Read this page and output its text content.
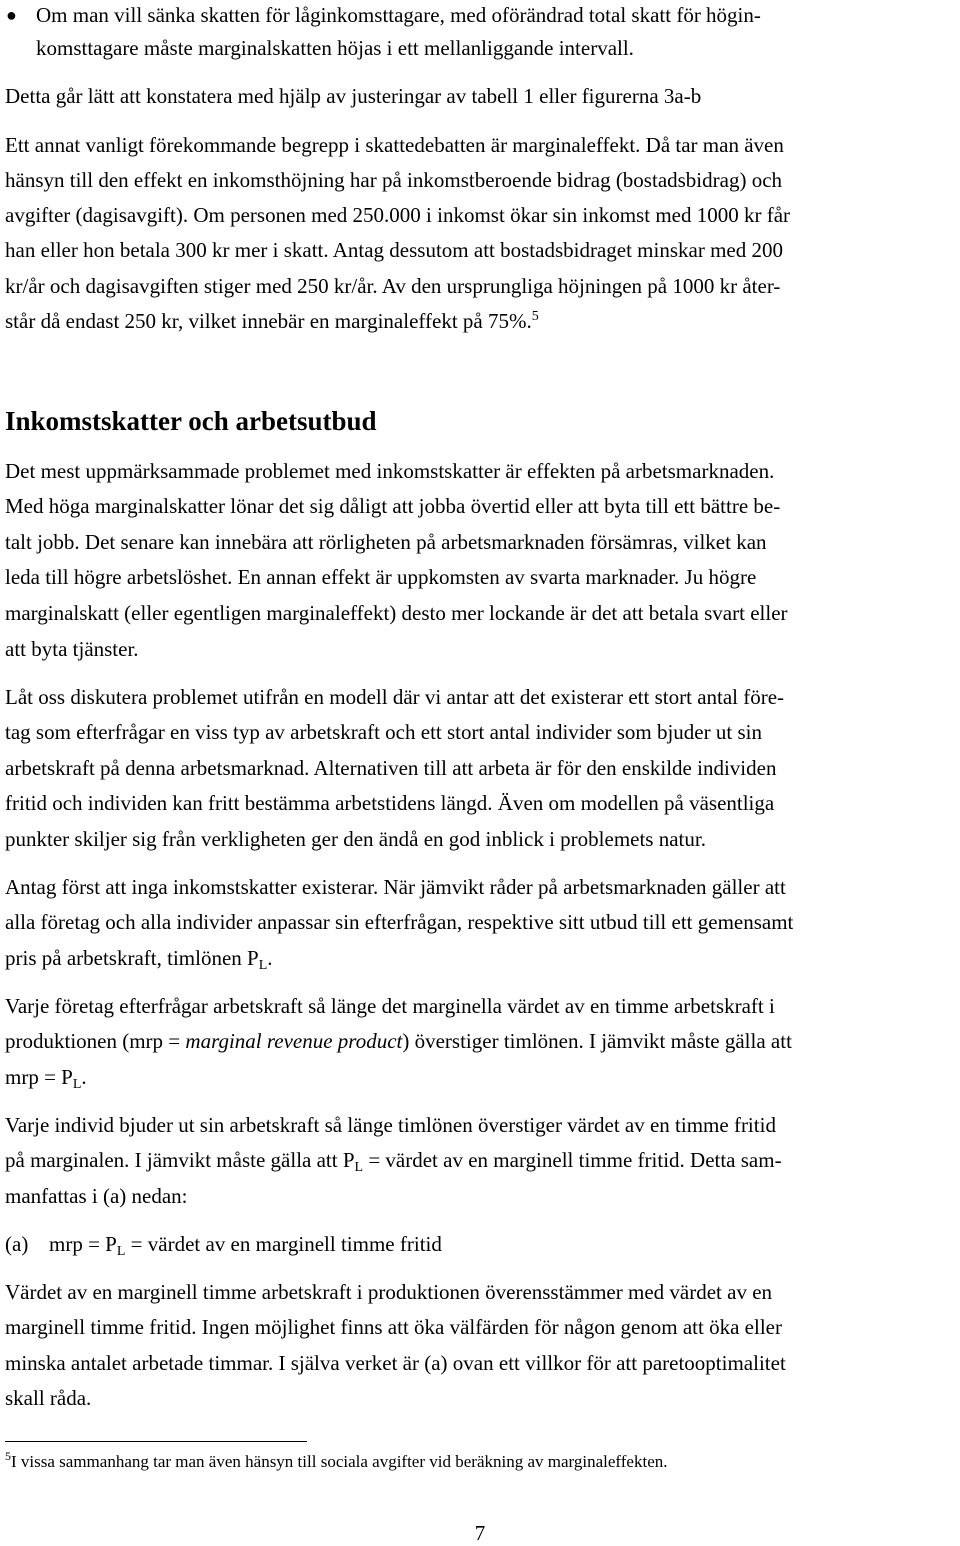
● Om man vill sänka skatten för låginkomsttagare, med oförändrad total skatt för högin-
komsttagare måste marginalskatten höjas i ett mellanliggande intervall.
Detta går lätt att konstatera med hjälp av justeringar av tabell 1 eller figurerna 3a-b
Ett annat vanligt förekommande begrepp i skattedebatten är marginaleffekt. Då tar man även
hänsyn till den effekt en inkomsthöjning har på inkomstberoende bidrag (bostadsbidrag) och
avgifter (dagisavgift). Om personen med 250.000 i inkomst ökar sin inkomst med 1000 kr får
han eller hon betala 300 kr mer i skatt. Antag dessutom att bostadsbidraget minskar med 200
kr/år och dagisavgiften stiger med 250 kr/år. Av den ursprungliga höjningen på 1000 kr åter-
står då endast 250 kr, vilket innebär en marginaleffekt på 75%.$^5$
Inkomstskatter och arbetsutbud
Det mest uppmärksammade problemet med inkomstskatter är effekten på arbetsmarknaden.
Med höga marginalskatter lönar det sig dåligt att jobba övertid eller att byta till ett bättre be-
talt jobb. Det senare kan innebära att rörligheten på arbetsmarknaden försämras, vilket kan
leda till högre arbetslöshet. En annan effekt är uppkomsten av svarta marknader. Ju högre
marginalskatt (eller egentligen marginaleffekt) desto mer lockande är det att betala svart eller
att byta tjänster.
Låt oss diskutera problemet utifrån en modell där vi antar att det existerar ett stort antal före-
tag som efterfrågar en viss typ av arbetskraft och ett stort antal individer som bjuder ut sin
arbetskraft på denna arbetsmarknad. Alternativen till att arbeta är för den enskilde individen
fritid och individen kan fritt bestämma arbetstidens längd. Även om modellen på väsentliga
punkter skiljer sig från verkligheten ger den ändå en god inblick i problemets natur.
Antag först att inga inkomstskatter existerar. När jämvikt råder på arbetsmarknaden gäller att
alla företag och alla individer anpassar sin efterfrågan, respektive sitt utbud till ett gemensamt
pris på arbetskraft, timlönen $P_L$.
Varje företag efterfrågar arbetskraft så länge det marginella värdet av en timme arbetskraft i
produktionen (mrp = marginal revenue product) överstiger timlönen. I jämvikt måste gälla att
mrp = $P_L$.
Varje individ bjuder ut sin arbetskraft så länge timlönen överstiger värdet av en timme fritid
på marginalen. I jämvikt måste gälla att $P_L$ = värdet av en marginell timme fritid. Detta sam-
manfattas i (a) nedan:
(a) mrp = $P_L$ = värdet av en marginell timme fritid
Värdet av en marginell timme arbetskraft i produktionen överensstämmer med värdet av en
marginell timme fritid. Ingen möjlighet finns att öka välfärden för någon genom att öka eller
minska antalet arbetade timmar. I själva verket är (a) ovan ett villkor för att paretooptimalitet
skall råda.
$^5$I vissa sammanhang tar man även hänsyn till sociala avgifter vid beräkning av marginaleffekten.
7
